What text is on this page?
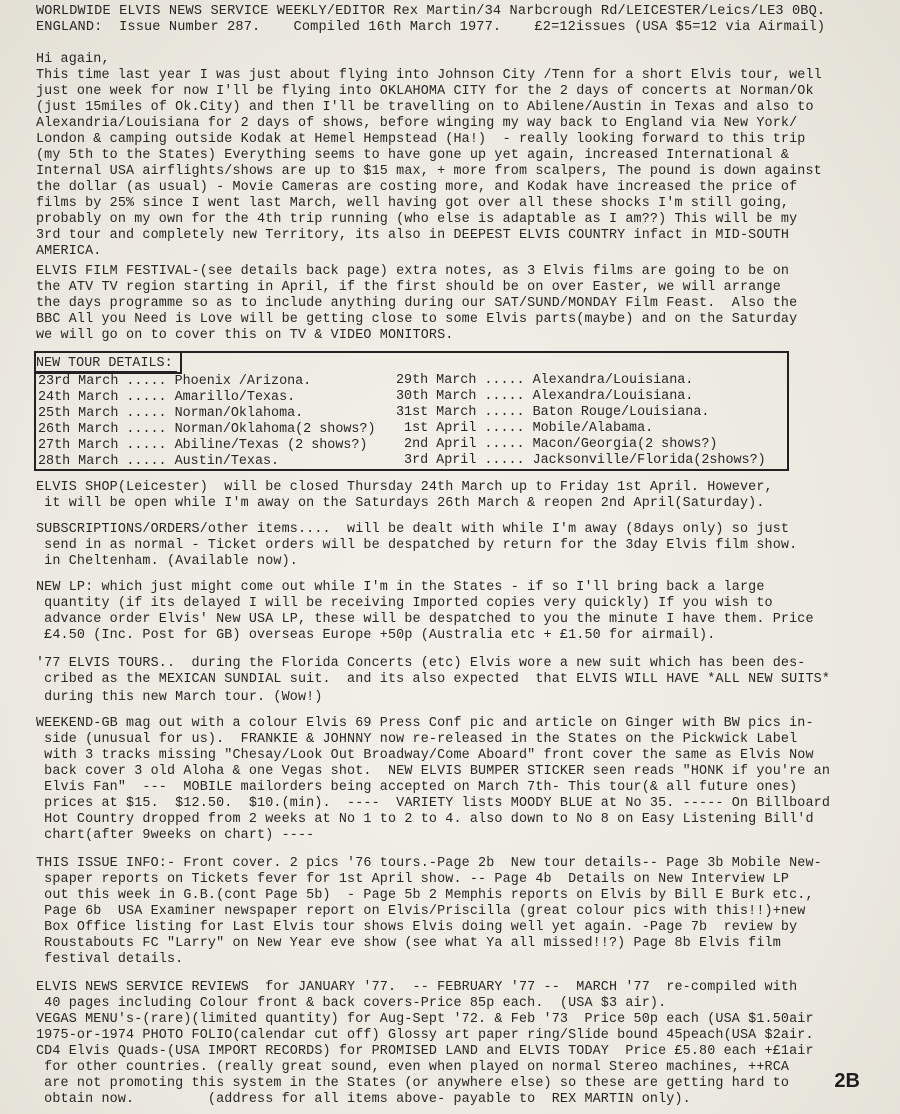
WORLDWIDE ELVIS NEWS SERVICE WEEKLY/EDITOR Rex Martin/34 Narbcrough Rd/LEICESTER/Leics/LE3 0BQ.
ENGLAND:  Issue Number 287.    Compiled 16th March 1977.    £2=12issues (USA $5=12 via Airmail)
Hi again,
This time last year I was just about flying into Johnson City /Tenn for a short Elvis tour, well
just one week for now I'll be flying into OKLAHOMA CITY for the 2 days of concerts at Norman/Ok
(just 15miles of Ok.City) and then I'll be travelling on to Abilene/Austin in Texas and also to
Alexandria/Louisiana for 2 days of shows, before winging my way back to England via New York/
London & camping outside Kodak at Hemel Hempstead (Ha!)  - really looking forward to this trip
(my 5th to the States) Everything seems to have gone up yet again, increased International &
Internal USA airflights/shows are up to $15 max, + more from scalpers, The pound is down against
the dollar (as usual) - Movie Cameras are costing more, and Kodak have increased the price of
films by 25% since I went last March, well having got over all these shocks I'm still going,
probably on my own for the 4th trip running (who else is adaptable as I am??) This will be my
3rd tour and completely new Territory, its also in DEEPEST ELVIS COUNTRY infact in MID-SOUTH
AMERICA.
ELVIS FILM FESTIVAL-(see details back page) extra notes, as 3 Elvis films are going to be on
the ATV TV region starting in April, if the first should be on over Easter, we will arrange
the days programme so as to include anything during our SAT/SUND/MONDAY Film Feast.  Also the
BBC All you Need is Love will be getting close to some Elvis parts(maybe) and on the Saturday
we will go on to cover this on TV & VIDEO MONITORS.
NEW TOUR DETAILS:
23rd March ..... Phoenix /Arizona.
24th March ..... Amarillo/Texas.
25th March ..... Norman/Oklahoma.
26th March ..... Norman/Oklahoma(2 shows?)
27th March ..... Abiline/Texas (2 shows?)
28th March ..... Austin/Texas.
29th March ..... Alexandra/Louisiana.
30th March ..... Alexandra/Louisiana.
31st March ..... Baton Rouge/Louisiana.
1st April ..... Mobile/Alabama.
2nd April ..... Macon/Georgia(2 shows?)
3rd April ..... Jacksonville/Florida(2shows?)
ELVIS SHOP(Leicester)  will be closed Thursday 24th March up to Friday 1st April. However,
it will be open while I'm away on the Saturdays 26th March & reopen 2nd April(Saturday).
SUBSCRIPTIONS/ORDERS/other items....  will be dealt with while I'm away (8days only) so just
send in as normal - Ticket orders will be despatched by return for the 3day Elvis film show.
in Cheltenham. (Available now).
NEW LP: which just might come out while I'm in the States - if so I'll bring back a large
quantity (if its delayed I will be receiving Imported copies very quickly) If you wish to
advance order Elvis' New USA LP, these will be despatched to you the minute I have them. Price
£4.50 (Inc. Post for GB) overseas Europe +50p (Australia etc + £1.50 for airmail).
'77 ELVIS TOURS..  during the Florida Concerts (etc) Elvis wore a new suit which has been des-
cribed as the MEXICAN SUNDIAL suit.  and its also expected  that ELVIS WILL HAVE *ALL NEW SUITS*
during this new March tour. (Wow!)
WEEKEND-GB mag out with a colour Elvis 69 Press Conf pic and article on Ginger with BW pics in-
side (unusual for us).  FRANKIE & JOHNNY now re-released in the States on the Pickwick Label
with 3 tracks missing "Chesay/Look Out Broadway/Come Aboard" front cover the same as Elvis Now
back cover 3 old Aloha & one Vegas shot.  NEW ELVIS BUMPER STICKER seen reads "HONK if you're an
Elvis Fan"  ---  MOBILE mailorders being accepted on March 7th- This tour(& all future ones)
prices at $15.  $12.50.  $10.(min).  ----  VARIETY lists MOODY BLUE at No 35. ----- On Billboard
Hot Country dropped from 2 weeks at No 1 to 2 to 4. also down to No 8 on Easy Listening Bill'd
chart(after 9weeks on chart) ----
THIS ISSUE INFO:- Front cover. 2 pics '76 tours.-Page 2b  New tour details-- Page 3b Mobile New-
spaper reports on Tickets fever for 1st April show. -- Page 4b  Details on New Interview LP
out this week in G.B.(cont Page 5b)  - Page 5b 2 Memphis reports on Elvis by Bill E Burk etc.,
Page 6b  USA Examiner newspaper report on Elvis/Priscilla (great colour pics with this!!)+new
Box Office listing for Last Elvis tour shows Elvis doing well yet again. -Page 7b  review by
Roustabouts FC "Larry" on New Year eve show (see what Ya all missed!!?) Page 8b Elvis film
festival details.
ELVIS NEWS SERVICE REVIEWS  for JANUARY '77.  -- FEBRUARY '77 --  MARCH '77  re-compiled with
40 pages including Colour front & back covers-Price 85p each.  (USA $3 air).
VEGAS MENU's-(rare)(limited quantity) for Aug-Sept '72. & Feb '73  Price 50p each (USA $1.50air
1975-or-1974 PHOTO FOLIO(calendar cut off) Glossy art paper ring/Slide bound 45peach(USA $2air.
CD4 Elvis Quads-(USA IMPORT RECORDS) for PROMISED LAND and ELVIS TODAY  Price £5.80 each +£1air
for other countries. (really great sound, even when played on normal Stereo machines, ++RCA
are not promoting this system in the States (or anywhere else) so these are getting hard to
obtain now.         (address for all items above- payable to  REX MARTIN only).
2B
